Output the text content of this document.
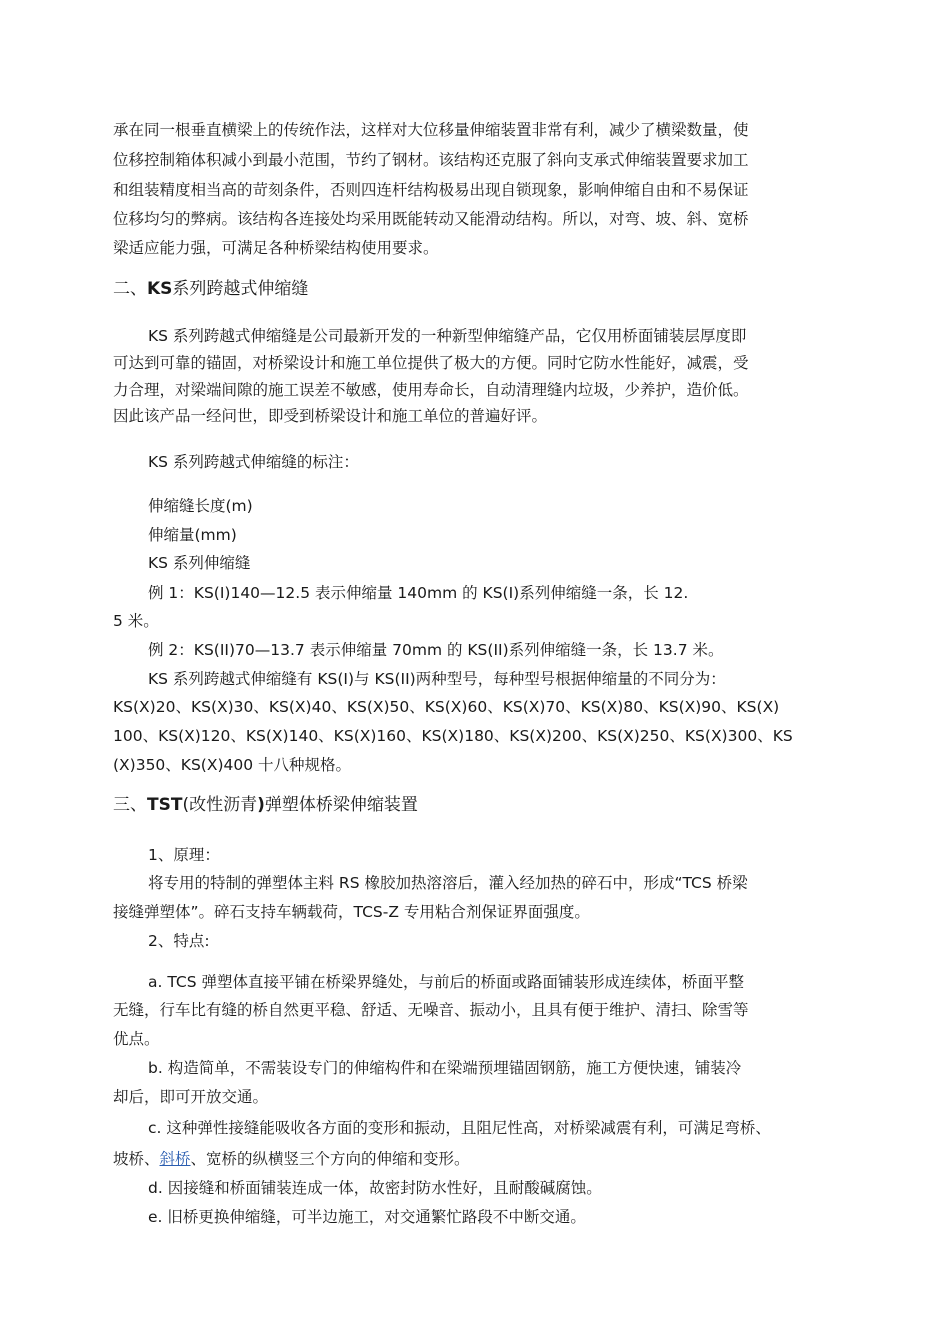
承在同一根垂直横梁上的传统作法，这样对大位移量伸缩装置非常有利，减少了横梁数量，使
位移控制箱体积减小到最小范围，节约了钢材。该结构还克服了斜向支承式伸缩装置要求加工
和组装精度相当高的苛刻条件，否则四连杆结构极易出现自锁现象，影响伸缩自由和不易保证
位移均匀的弊病。该结构各连接处均采用既能转动又能滑动结构。所以，对弯、坡、斜、宽桥
梁适应能力强，可满足各种桥梁结构使用要求。
二、KS系列跨越式伸缩缝
KS 系列跨越式伸缩缝是公司最新开发的一种新型伸缩缝产品，它仅用桥面铺装层厚度即
可达到可靠的锚固，对桥梁设计和施工单位提供了极大的方便。同时它防水性能好，减震，受
力合理，对梁端间隙的施工误差不敏感，使用寿命长，自动清理缝内垃圾，少养护，造价低。
因此该产品一经问世，即受到桥梁设计和施工单位的普遍好评。
KS 系列跨越式伸缩缝的标注：
伸缩缝长度(m)
伸缩量(mm)
KS 系列伸缩缝
例 1：KS(Ⅰ)140—12.5 表示伸缩量 140mm 的 KS(Ⅰ)系列伸缩缝一条，长 12.
5 米。
例 2：KS(II)70—13.7 表示伸缩量 70mm 的 KS(II)系列伸缩缝一条，长 13.7 米。
KS 系列跨越式伸缩缝有 KS(Ⅰ)与 KS(ⅠⅠ)两种型号，每种型号根据伸缩量的不同分为：
KS(X)20、KS(X)30、KS(X)40、KS(X)50、KS(X)60、KS(X)70、KS(X)80、KS(X)90、KS(X)
100、KS(X)120、KS(X)140、KS(X)160、KS(X)180、KS(X)200、KS(X)250、KS(X)300、KS
(X)350、KS(X)400 十八种规格。
三、TST(改性沥青)弹塑体桥梁伸缩装置
1、原理：
将专用的特制的弹塑体主料 RS 橡胶加热溶溶后，灌入经加热的碎石中，形成“TCS 桥梁
接缝弹塑体”。碎石支持车辆载荷，TCS-Z 专用粘合剂保证界面强度。
2、特点:
a. TCS 弹塑体直接平铺在桥梁界缝处，与前后的桥面或路面铺装形成连续体，桥面平整
无缝，行车比有缝的桥自然更平稳、舒适、无噪音、振动小，且具有便于维护、清扫、除雪等
优点。
b. 构造简单，不需装设专门的伸缩构件和在梁端预埋锚固钢筋，施工方便快速，铺装冷
却后，即可开放交通。
c. 这种弹性接缝能吸收各方面的变形和振动，且阻尼性高，对桥梁减震有利，可满足弯桥、
坡桥、斜桥、宽桥的纵横竖三个方向的伸缩和变形。
d. 因接缝和桥面铺装连成一体，故密封防水性好，且耐酸碱腐蚀。
e. 旧桥更换伸缩缝，可半边施工，对交通繁忙路段不中断交通。
